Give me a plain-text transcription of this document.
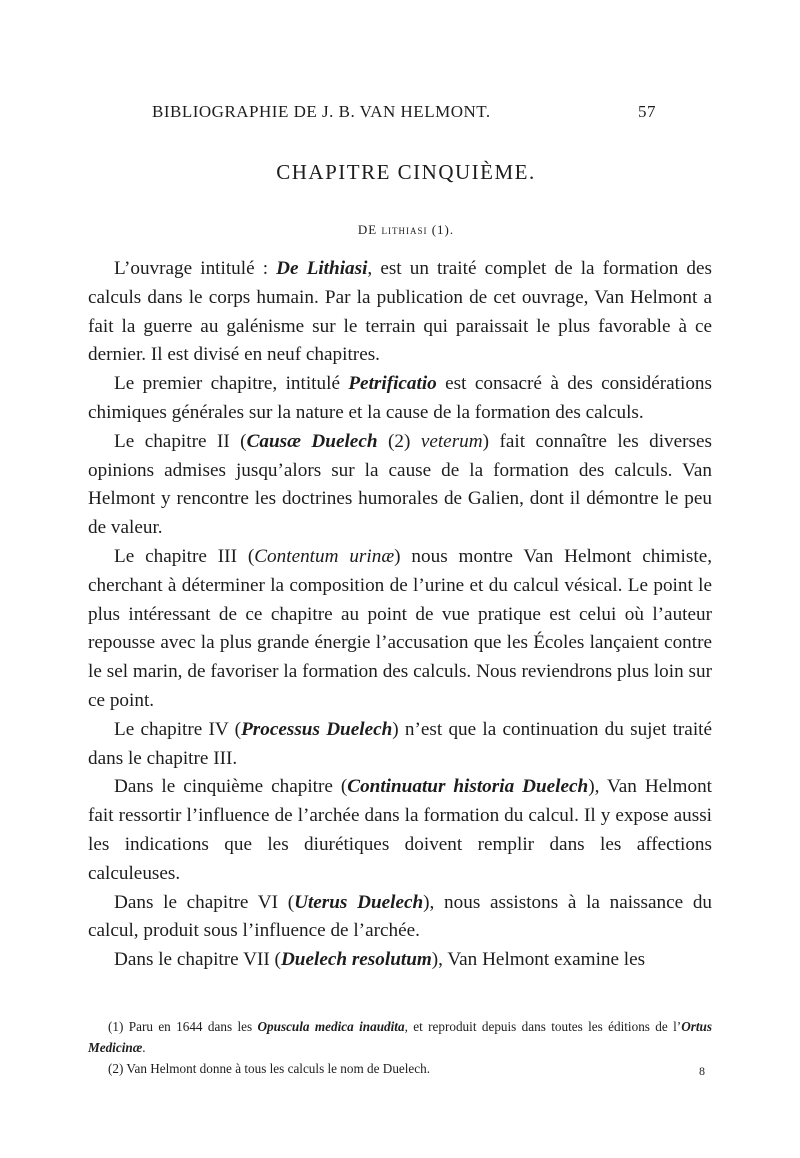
BIBLIOGRAPHIE DE J. B. VAN HELMONT.	57
CHAPITRE CINQUIÈME.
DE lithiasi (1).

L’ouvrage intitulé : De Lithiasi, est un traité complet de la formation des calculs dans le corps humain. Par la publication de cet ouvrage, Van Helmont a fait la guerre au galénisme sur le terrain qui paraissait le plus favorable à ce dernier. Il est divisé en neuf chapitres.

Le premier chapitre, intitulé Petrificatio est consacré à des considérations chimiques générales sur la nature et la cause de la formation des calculs.

Le chapitre II (Causæ Duelech (2) veterum) fait connaître les diverses opinions admises jusqu’alors sur la cause de la formation des calculs. Van Helmont y rencontre les doctrines humorales de Galien, dont il démontre le peu de valeur.

Le chapitre III (Contentum urinæ) nous montre Van Helmont chimiste, cherchant à déterminer la composition de l’urine et du calcul vésical. Le point le plus intéressant de ce chapitre au point de vue pratique est celui où l’auteur repousse avec la plus grande énergie l’accusation que les Écoles lançaient contre le sel marin, de favoriser la formation des calculs. Nous reviendrons plus loin sur ce point.

Le chapitre IV (Processus Duelech) n’est que la continuation du sujet traité dans le chapitre III.

Dans le cinquième chapitre (Continuatur historia Duelech), Van Helmont fait ressortir l’influence de l’archée dans la formation du calcul. Il y expose aussi les indications que les diurétiques doivent remplir dans les affections calculeuses.

Dans le chapitre VI (Uterus Duelech), nous assistons à la naissance du calcul, produit sous l’influence de l’archée.

Dans le chapitre VII (Duelech resolutum), Van Helmont examine les

(1) Paru en 1644 dans les Opuscula medica inaudita, et reproduit depuis dans toutes les éditions de l’Ortus Medicinæ.

(2) Van Helmont donne à tous les calculs le nom de Duelech.	8
